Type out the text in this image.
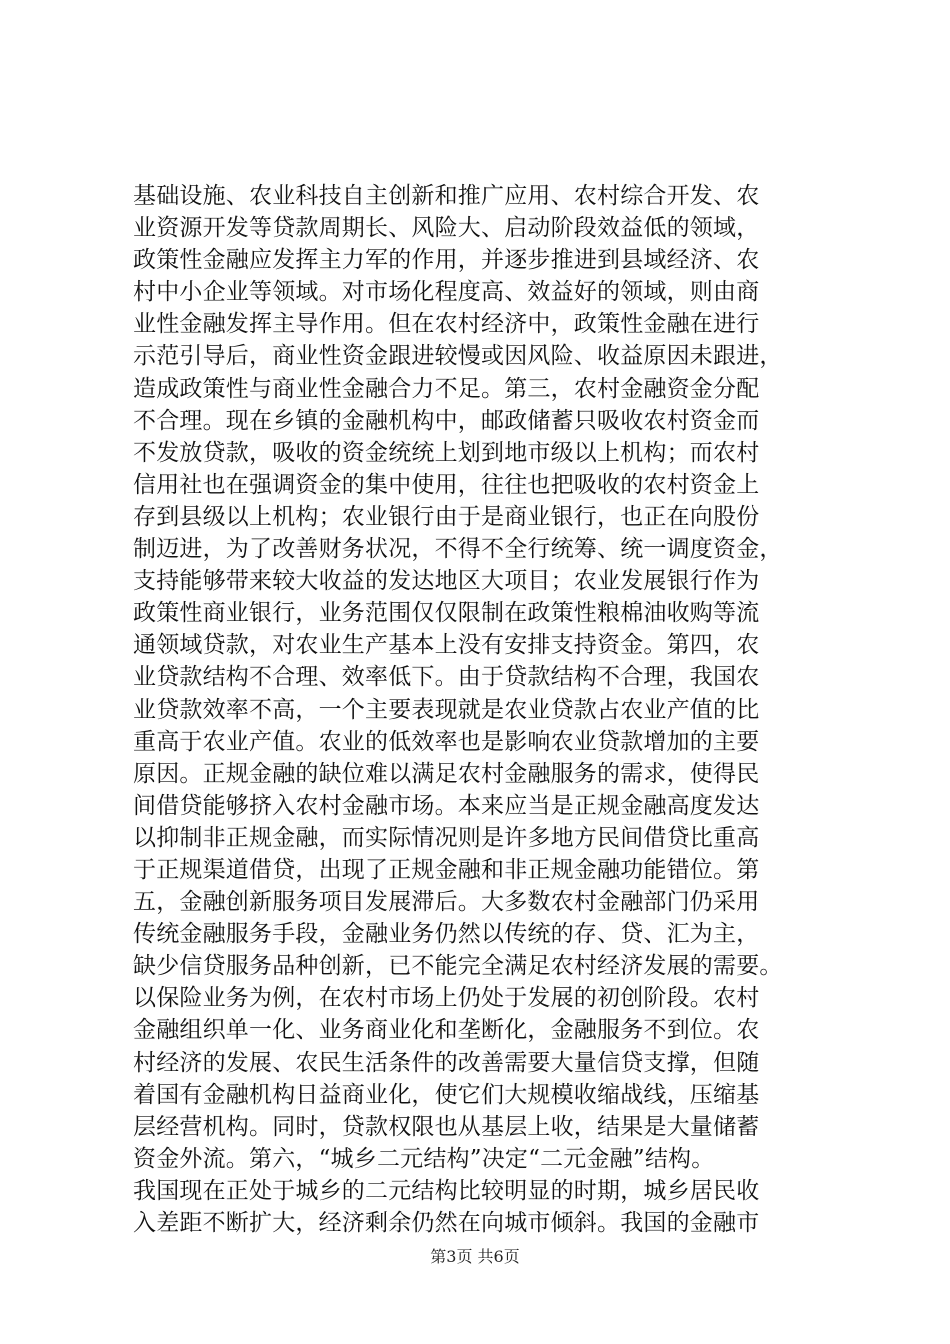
基础设施、农业科技自主创新和推广应用、农村综合开发、农
业资源开发等贷款周期长、风险大、启动阶段效益低的领域，
政策性金融应发挥主力军的作用，并逐步推进到县域经济、农
村中小企业等领域。对市场化程度高、效益好的领域，则由商
业性金融发挥主导作用。但在农村经济中，政策性金融在进行
示范引导后，商业性资金跟进较慢或因风险、收益原因未跟进，
造成政策性与商业性金融合力不足。第三，农村金融资金分配
不合理。现在乡镇的金融机构中，邮政储蓄只吸收农村资金而
不发放贷款，吸收的资金统统上划到地市级以上机构；而农村
信用社也在强调资金的集中使用，往往也把吸收的农村资金上
存到县级以上机构；农业银行由于是商业银行，也正在向股份
制迈进，为了改善财务状况，不得不全行统筹、统一调度资金，
支持能够带来较大收益的发达地区大项目；农业发展银行作为
政策性商业银行，业务范围仅仅限制在政策性粮棉油收购等流
通领域贷款，对农业生产基本上没有安排支持资金。第四，农
业贷款结构不合理、效率低下。由于贷款结构不合理，我国农
业贷款效率不高，一个主要表现就是农业贷款占农业产值的比
重高于农业产值。农业的低效率也是影响农业贷款增加的主要
原因。正规金融的缺位难以满足农村金融服务的需求，使得民
间借贷能够挤入农村金融市场。本来应当是正规金融高度发达
以抑制非正规金融，而实际情况则是许多地方民间借贷比重高
于正规渠道借贷，出现了正规金融和非正规金融功能错位。第
五，金融创新服务项目发展滞后。大多数农村金融部门仍采用
传统金融服务手段，金融业务仍然以传统的存、贷、汇为主，
缺少信贷服务品种创新，已不能完全满足农村经济发展的需要。
以保险业务为例，在农村市场上仍处于发展的初创阶段。农村
金融组织单一化、业务商业化和垄断化，金融服务不到位。农
村经济的发展、农民生活条件的改善需要大量信贷支撑，但随
着国有金融机构日益商业化，使它们大规模收缩战线，压缩基
层经营机构。同时，贷款权限也从基层上收，结果是大量储蓄
资金外流。第六，“城乡二元结构”决定“二元金融”结构。
我国现在正处于城乡的二元结构比较明显的时期，城乡居民收
入差距不断扩大，经济剩余仍然在向城市倾斜。我国的金融市
第3页 共6页
